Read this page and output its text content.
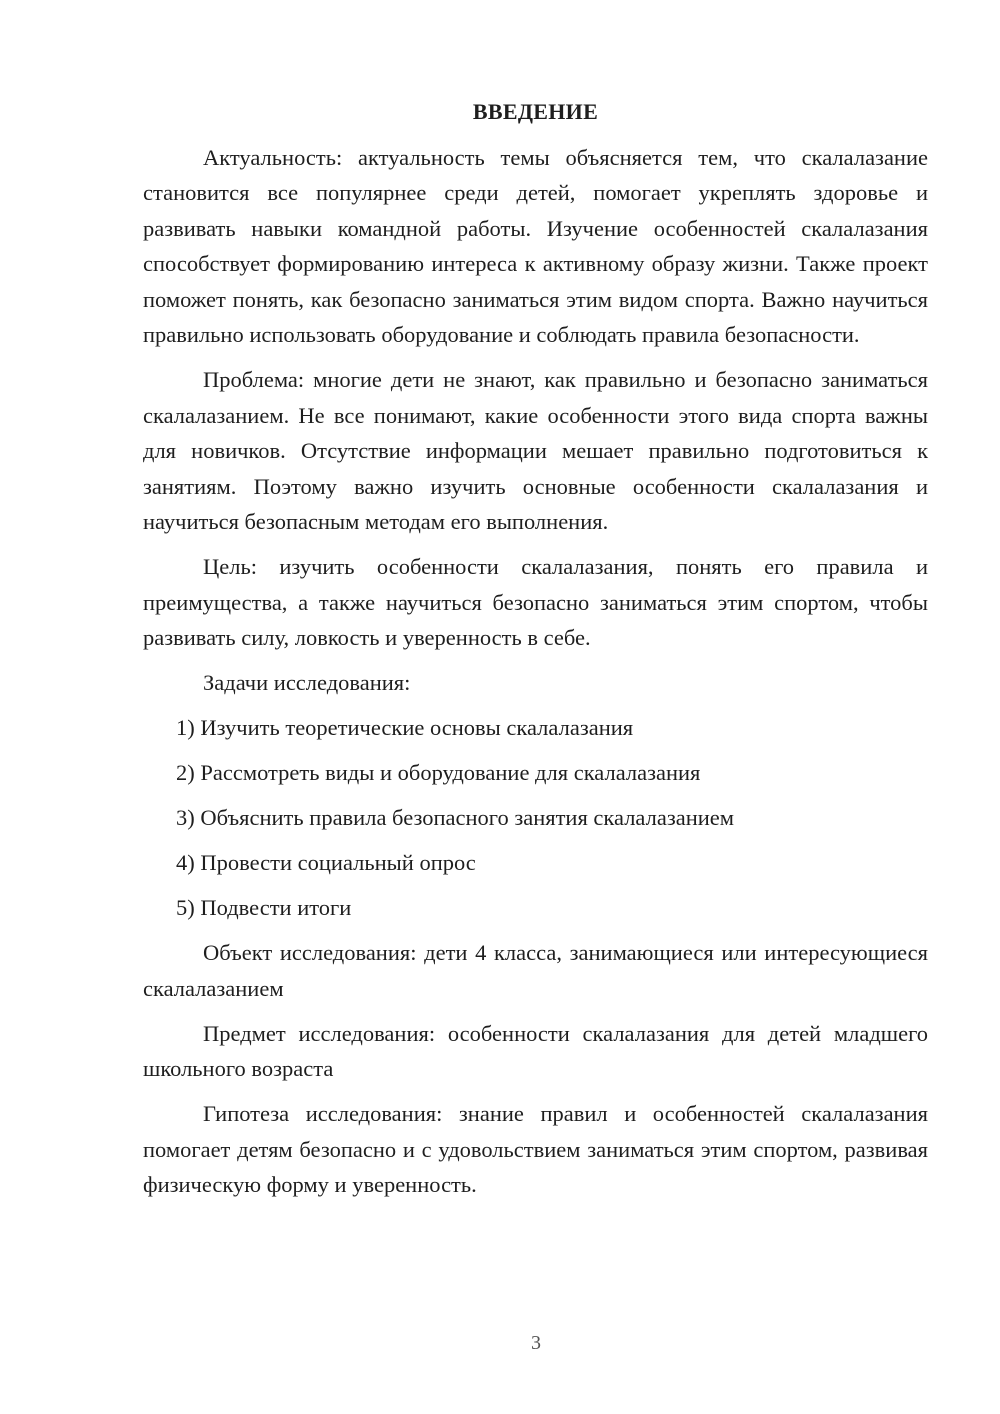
ВВЕДЕНИЕ

Актуальность: актуальность темы объясняется тем, что скалалазание становится все популярнее среди детей, помогает укреплять здоровье и развивать навыки командной работы. Изучение особенностей скалалазания способствует формированию интереса к активному образу жизни. Также проект поможет понять, как безопасно заниматься этим видом спорта. Важно научиться правильно использовать оборудование и соблюдать правила безопасности.

Проблема: многие дети не знают, как правильно и безопасно заниматься скалалазанием. Не все понимают, какие особенности этого вида спорта важны для новичков. Отсутствие информации мешает правильно подготовиться к занятиям. Поэтому важно изучить основные особенности скалалазания и научиться безопасным методам его выполнения.

Цель: изучить особенности скалалазания, понять его правила и преимущества, а также научиться безопасно заниматься этим спортом, чтобы развивать силу, ловкость и уверенность в себе.

Задачи исследования:

1) Изучить теоретические основы скалалазания
2) Рассмотреть виды и оборудование для скалалазания
3) Объяснить правила безопасного занятия скалалазанием
4) Провести социальный опрос
5) Подвести итоги

Объект исследования: дети 4 класса, занимающиеся или интересующиеся скалалазанием

Предмет исследования: особенности скалалазания для детей младшего школьного возраста

Гипотеза исследования: знание правил и особенностей скалалазания помогает детям безопасно и с удовольствием заниматься этим спортом, развивая физическую форму и уверенность.

3
